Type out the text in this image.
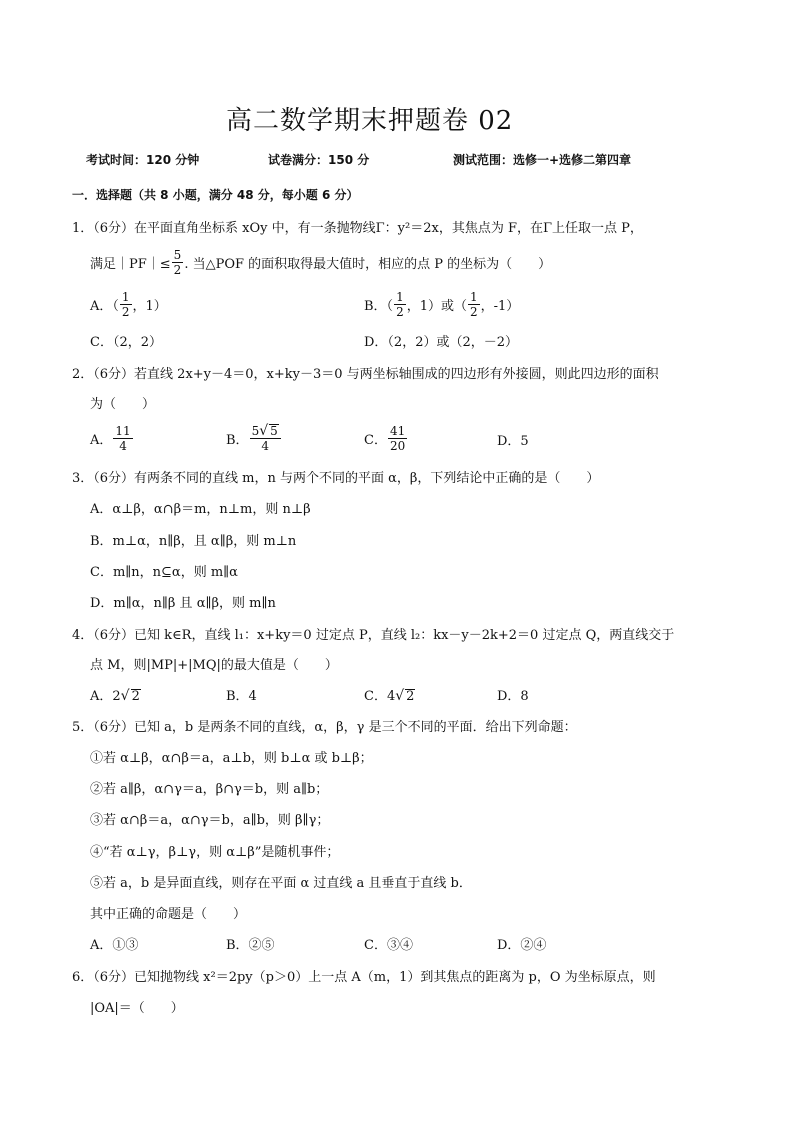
高二数学期末押题卷 02
考试时间：120 分钟	试卷满分：150 分	测试范围：选修一+选修二第四章
一．选择题（共 8 小题，满分 48 分，每小题 6 分）
1．（6分）在平面直角坐标系 xOy 中，有一条抛物线Γ：y²＝2x，其焦点为 F，在Γ上任取一点 P，
满足｜PF｜≤ $\frac{5}{2}$ . 当△POF 的面积取得最大值时，相应的点 P 的坐标为（　　）
A．（ $\frac{1}{2}$ ，1）	B．（ $\frac{1}{2}$ ，1）或（ $\frac{1}{2}$ ，-1）
C．（2，2）	D．（2，2）或（2，－2）
2．（6分）若直线 2x+y－4＝0，x+ky－3＝0 与两坐标轴围成的四边形有外接圆，则此四边形的面积
为（　　）
A． $\frac{11}{4}$	B． $\frac{5√ 5}{4}$	C． $\frac{41}{20}$	D．5
3．（6分）有两条不同的直线 m，n 与两个不同的平面 α，β，下列结论中正确的是（　　）
A．α⊥β，α∩β＝m，n⊥m，则 n⊥β
B．m⊥α，n∥β，且 α∥β，则 m⊥n
C．m∥n，n⊆α，则 m∥α
D．m∥α，n∥β 且 α∥β，则 m∥n
4．（6分）已知 k∈R，直线 l₁：x+ky＝0 过定点 P，直线 l₂：kx－y－2k+2＝0 过定点 Q，两直线交于
点 M，则|MP|+|MQ|的最大值是（　　）
A．2√ 2	B．4	C．4√ 2	D．8
5．（6分）已知 a，b 是两条不同的直线，α，β，γ 是三个不同的平面．给出下列命题：
①若 α⊥β，α∩β＝a，a⊥b，则 b⊥α 或 b⊥β；
②若 a∥β，α∩γ＝a，β∩γ＝b，则 a∥b；
③若 α∩β＝a，α∩γ＝b，a∥b，则 β∥γ；
④“若 α⊥γ，β⊥γ，则 α⊥β”是随机事件；
⑤若 a，b 是异面直线，则存在平面 α 过直线 a 且垂直于直线 b．
其中正确的命题是（　　）
A．①③	B．②⑤	C．③④	D．②④
6．（6分）已知抛物线 x²＝2py（p＞0）上一点 A（m，1）到其焦点的距离为 p，O 为坐标原点，则
|OA|＝（　　）
